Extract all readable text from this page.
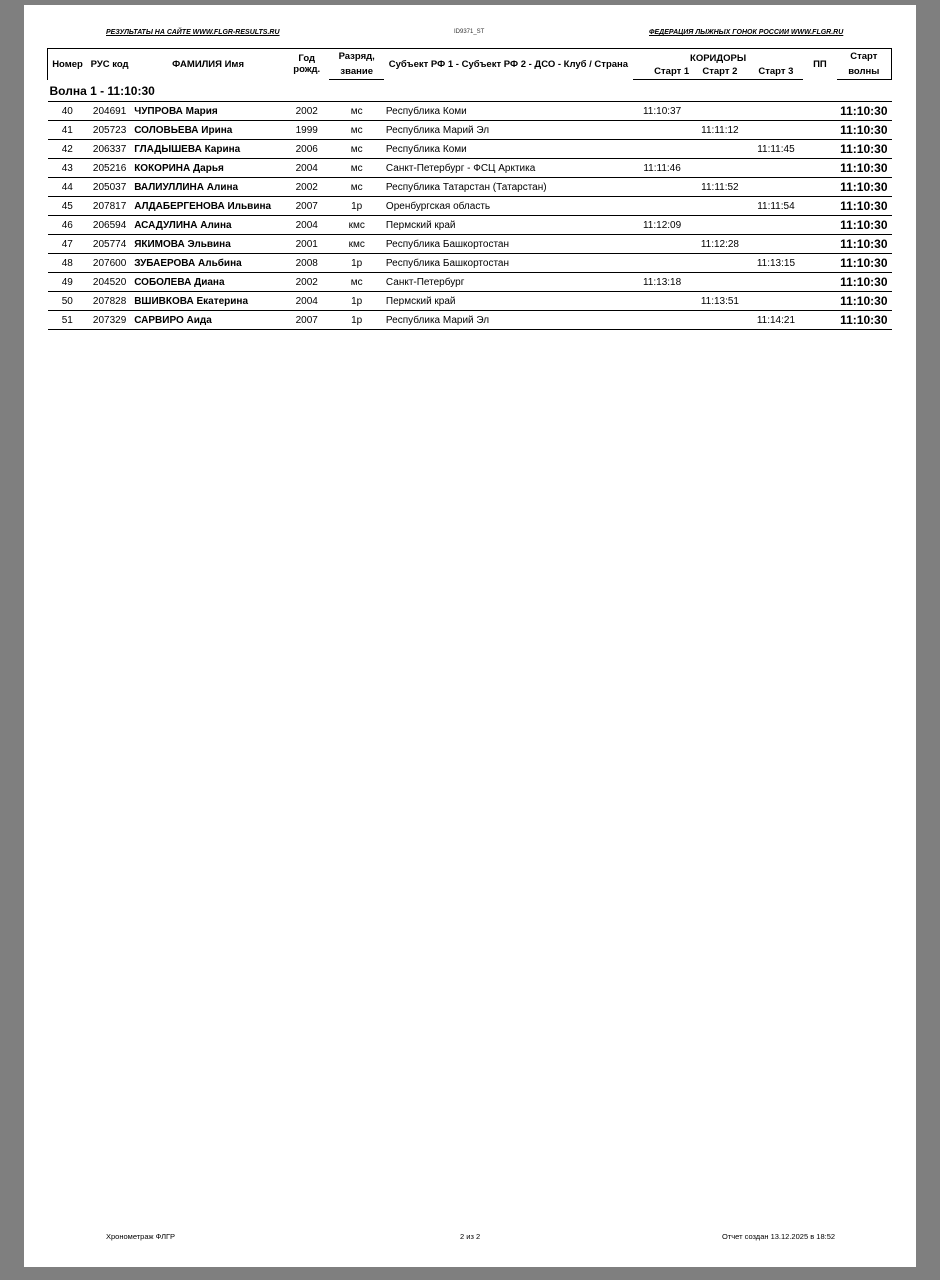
РЕЗУЛЬТАТЫ НА САЙТЕ WWW.FLGR-RESULTS.RU	ID9371_ST	ФЕДЕРАЦИЯ ЛЫЖНЫХ ГОНОК РОССИИ WWW.FLGR.RU
Номер	РУС код	ФАМИЛИЯ Имя	Год рожд.	Разряд,	Субъект РФ 1 - Субъект РФ 2 - ДСО - Клуб / Страна	КОРИДОРЫ			ПП	Старт
				звание		Старт 1	Старт 2	Старт 3		волны
Волна 1 - 11:10:30										
40	204691	ЧУПРОВА Мария	2002	мс	Республика Коми	11:10:37				11:10:30
41	205723	СОЛОВЬЕВА Ирина	1999	мс	Республика Марий Эл		11:11:12			11:10:30
42	206337	ГЛАДЫШЕВА Карина	2006	мс	Республика Коми			11:11:45		11:10:30
43	205216	КОКОРИНА Дарья	2004	мс	Санкт-Петербург - ФСЦ Арктика	11:11:46				11:10:30
44	205037	ВАЛИУЛЛИНА Алина	2002	мс	Республика Татарстан (Татарстан)		11:11:52			11:10:30
45	207817	АЛДАБЕРГЕНОВА Ильвина	2007	1р	Оренбургская область			11:11:54		11:10:30
46	206594	АСАДУЛИНА Алина	2004	кмс	Пермский край	11:12:09				11:10:30
47	205774	ЯКИМОВА Эльвина	2001	кмс	Республика Башкортостан		11:12:28			11:10:30
48	207600	ЗУБАЕРОВА Альбина	2008	1р	Республика Башкортостан			11:13:15		11:10:30
49	204520	СОБОЛЕВА Диана	2002	мс	Санкт-Петербург	11:13:18				11:10:30
50	207828	ВШИВКОВА Екатерина	2004	1р	Пермский край		11:13:51			11:10:30
51	207329	САРВИРО Аида	2007	1р	Республика Марий Эл			11:14:21		11:10:30
Хронометраж ФЛГР	2 из 2	Отчет создан 13.12.2025 в 18:52
